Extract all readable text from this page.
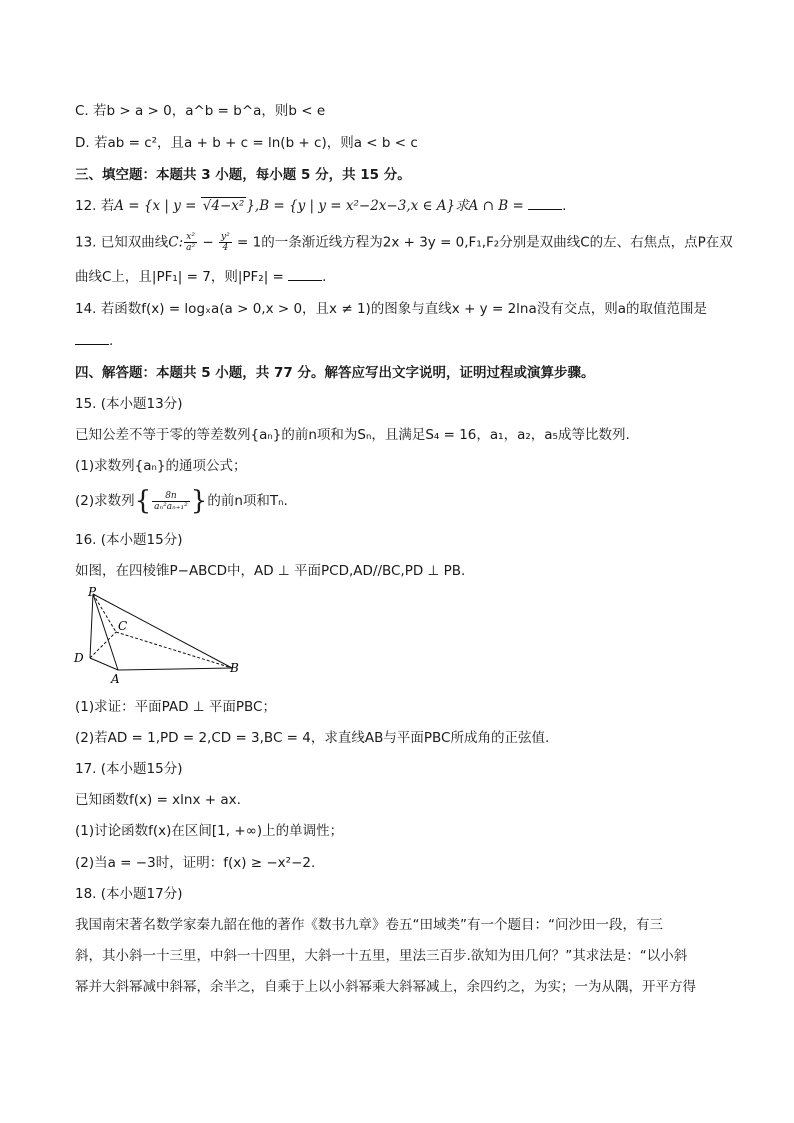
C. 若b > a > 0，a^b = b^a，则b < e
D. 若ab = c²，且a + b + c = ln(b + c)，则a < b < c
三、填空题：本题共 3 小题，每小题 5 分，共 15 分。
12. 若A = {x | y = √4−x² },B = {y | y = x²−2x−3,x ∈ A}求A ∩ B =	.
13. 已知双曲线C: $\frac{\text{x²}}{\text{a²}} - \frac{\text{y²}}{4} = 1$的一条渐近线方程为2x + 3y = 0,F₁,F₂分别是双曲线C的左、右焦点，点P在双
曲线C上，且|PF₁| = 7，则|PF₂| =	.
14. 若函数f(x) = logₓa(a > 0,x > 0，且x ≠ 1)的图象与直线x + y = 2lna没有交点，则a的取值范围是
.
四、解答题：本题共 5 小题，共 77 分。解答应写出文字说明，证明过程或演算步骤。
15. (本小题13分)
已知公差不等于零的等差数列{aₙ}的前n项和为Sₙ，且满足S₄ = 16，a₁，a₂，a₅成等比数列.
(1)求数列{aₙ}的通项公式；
(2)求数列{ $\frac{8n}{\text{aₙ²aₙ₊₁²}}$ }的前n项和Tₙ.
16. (本小题15分)
如图，在四棱锥P−ABCD中，AD ⊥ 平面PCD,AD//BC,PD ⊥ PB.
P
C
D
A
B
(1)求证：平面PAD ⊥ 平面PBC；
(2)若AD = 1,PD = 2,CD = 3,BC = 4，求直线AB与平面PBC所成角的正弦值.
17. (本小题15分)
已知函数f(x) = xlnx + ax.
(1)讨论函数f(x)在区间[1, +∞)上的单调性；
(2)当a = −3时，证明：f(x) ≥ −x²−2.
18. (本小题17分)
我国南宋著名数学家秦九韶在他的著作《数书九章》卷五“田域类”有一个题目：“问沙田一段，有三
斜，其小斜一十三里，中斜一十四里，大斜一十五里，里法三百步.欲知为田几何？”其求法是：“以小斜
幂并大斜幂减中斜幂，余半之，自乘于上以小斜幂乘大斜幂减上，余四约之，为实；一为从隅，开平方得
